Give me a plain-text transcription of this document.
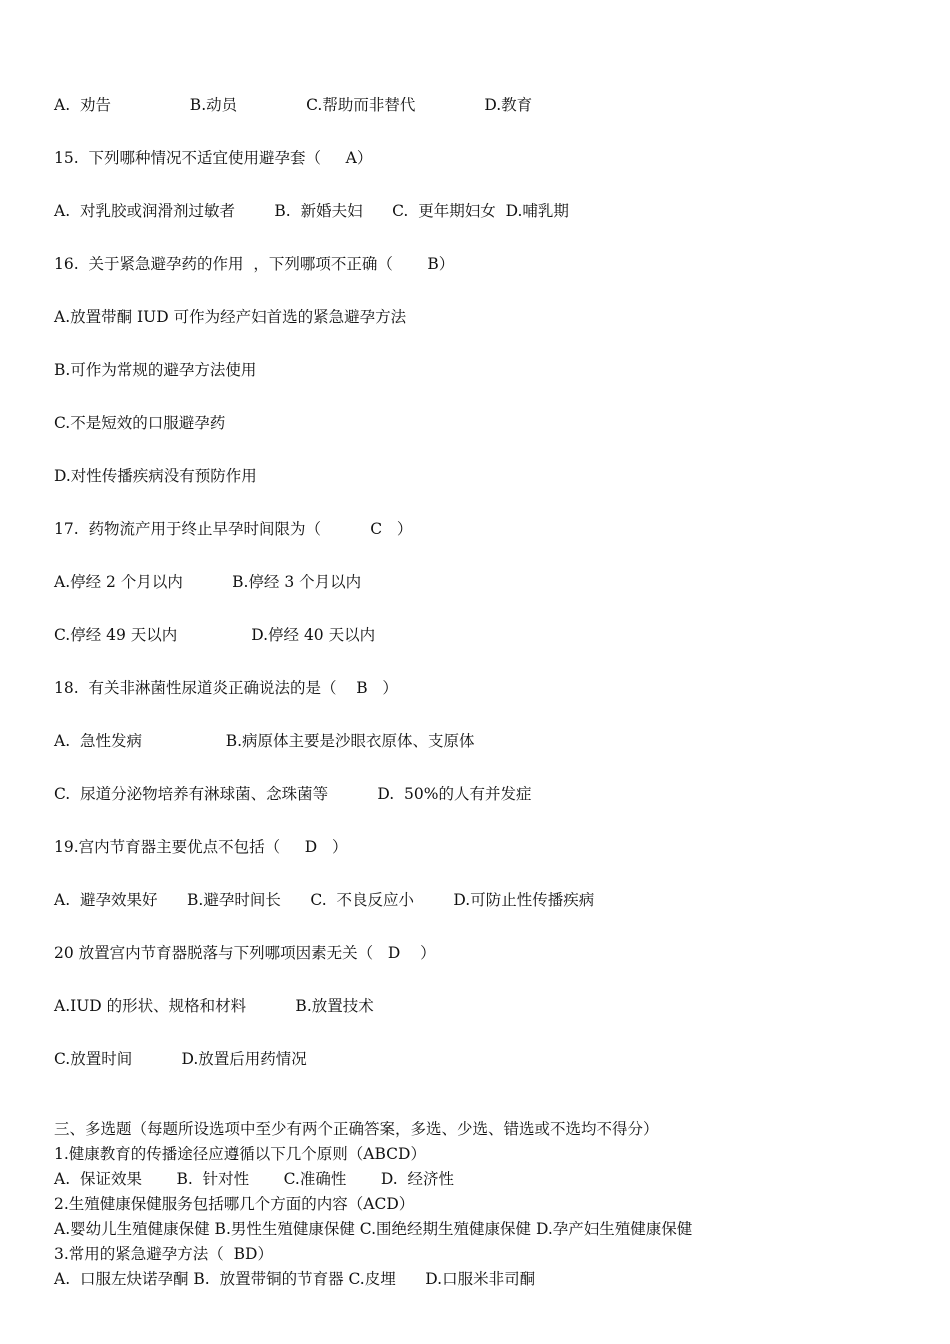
A.  劝告                B.动员              C.帮助而非替代              D.教育
15.  下列哪种情况不适宜使用避孕套（     A）
A.  对乳胶或润滑剂过敏者        B.  新婚夫妇      C.  更年期妇女  D.哺乳期
16.  关于紧急避孕药的作用  ，下列哪项不正确（       B）
A.放置带酮 IUD 可作为经产妇首选的紧急避孕方法
B.可作为常规的避孕方法使用
C.不是短效的口服避孕药
D.对性传播疾病没有预防作用
17.  药物流产用于终止早孕时间限为（          C   ）
A.停经 2 个月以内          B.停经 3 个月以内
C.停经 49 天以内               D.停经 40 天以内
18.  有关非淋菌性尿道炎正确说法的是（    B   ）
A.  急性发病                 B.病原体主要是沙眼衣原体、支原体
C.  尿道分泌物培养有淋球菌、念珠菌等          D.  50%的人有并发症
19.宫内节育器主要优点不包括（     D   ）
A.  避孕效果好      B.避孕时间长      C.  不良反应小        D.可防止性传播疾病
20 放置宫内节育器脱落与下列哪项因素无关（   D    ）
A.IUD 的形状、规格和材料          B.放置技术
C.放置时间          D.放置后用药情况
三、多选题（每题所设选项中至少有两个正确答案，多选、少选、错选或不选均不得分）
1.健康教育的传播途径应遵循以下几个原则（ABCD）
A.  保证效果       B.  针对性       C.准确性       D.  经济性
2.生殖健康保健服务包括哪几个方面的内容（ACD）
A.婴幼儿生殖健康保健 B.男性生殖健康保健 C.围绝经期生殖健康保健 D.孕产妇生殖健康保健
3.常用的紧急避孕方法（  BD）
A.  口服左炔诺孕酮 B.  放置带铜的节育器 C.皮埋      D.口服米非司酮
